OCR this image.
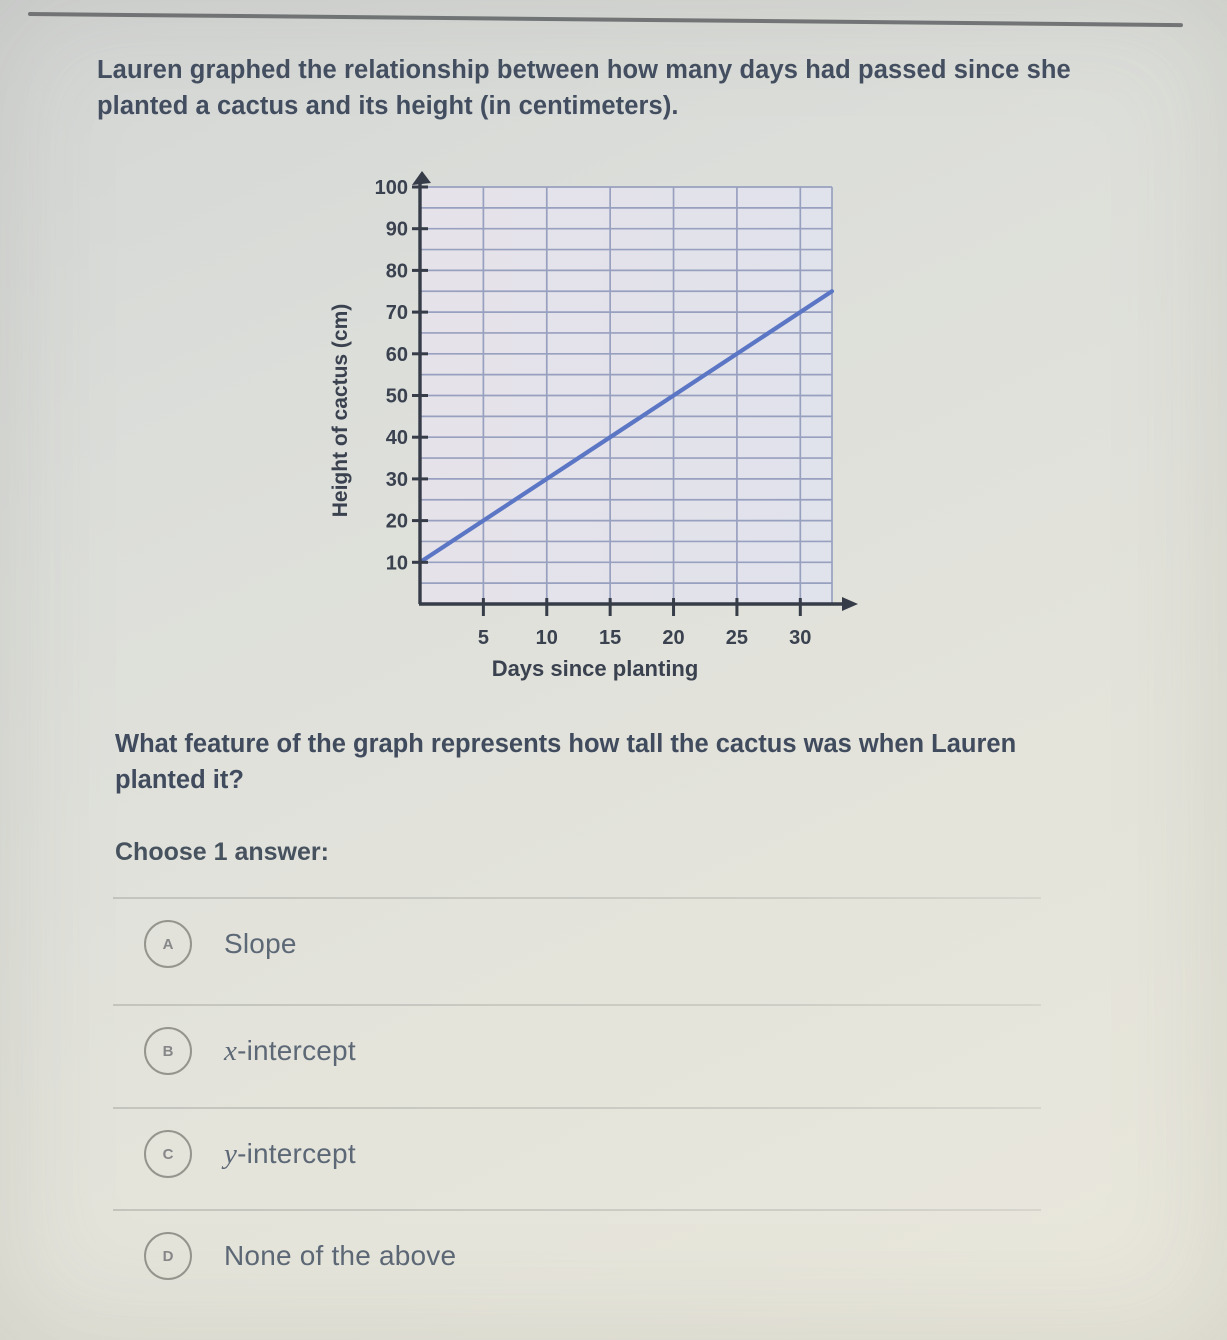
Lauren graphed the relationship between how many days had passed since she planted a cactus and its height (in centimeters).
10
20
30
40
50
60
70
80
90
100
5 10 15 20 25 30
Height of cactus (cm)
Days since planting
What feature of the graph represents how tall the cactus was when Lauren planted it?
Choose 1 answer:
A Slope
B x-intercept
C y-intercept
D None of the above
